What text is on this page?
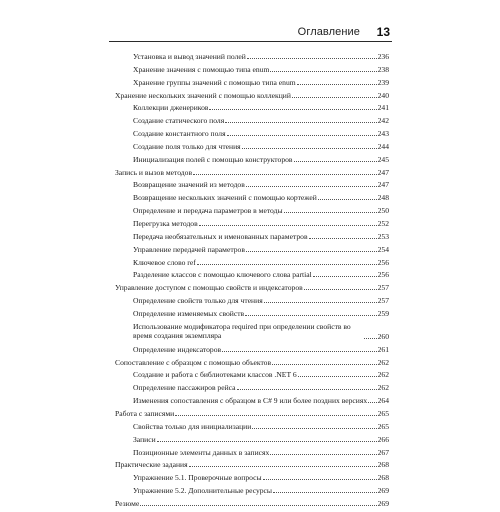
Оглавление 13
Установка и вывод значений полей	236
Хранение значения с помощью типа enum	238
Хранение группы значений с помощью типа enum	239
Хранение нескольких значений с помощью коллекций	240
Коллекции дженериков	241
Создание статического поля	242
Создание константного поля	243
Создание поля только для чтения	244
Инициализация полей с помощью конструкторов	245
Запись и вызов методов	247
Возвращение значений из методов	247
Возвращение нескольких значений с помощью кортежей	248
Определение и передача параметров в методы	250
Перегрузка методов	252
Передача необязательных и именованных параметров	253
Управление передачей параметров	254
Ключевое слово ref	256
Разделение классов с помощью ключевого слова partial	256
Управление доступом с помощью свойств и индексаторов	257
Определение свойств только для чтения	257
Определение изменяемых свойств	259
Использование модификатора required при определении свойств во время создания экземпляра	260
Определение индексаторов	261
Сопоставление с образцом с помощью объектов	262
Создание и работа с библиотеками классов .NET 6	262
Определение пассажиров рейса	262
Изменения сопоставления с образцом в C# 9 или более поздних версиях 264
Работа с записями	265
Свойства только для инициализации	265
Записи	266
Позиционные элементы данных в записях	267
Практические задания	268
Упражнение 5.1. Проверочные вопросы	268
Упражнение 5.2. Дополнительные ресурсы	269
Резюме	269
